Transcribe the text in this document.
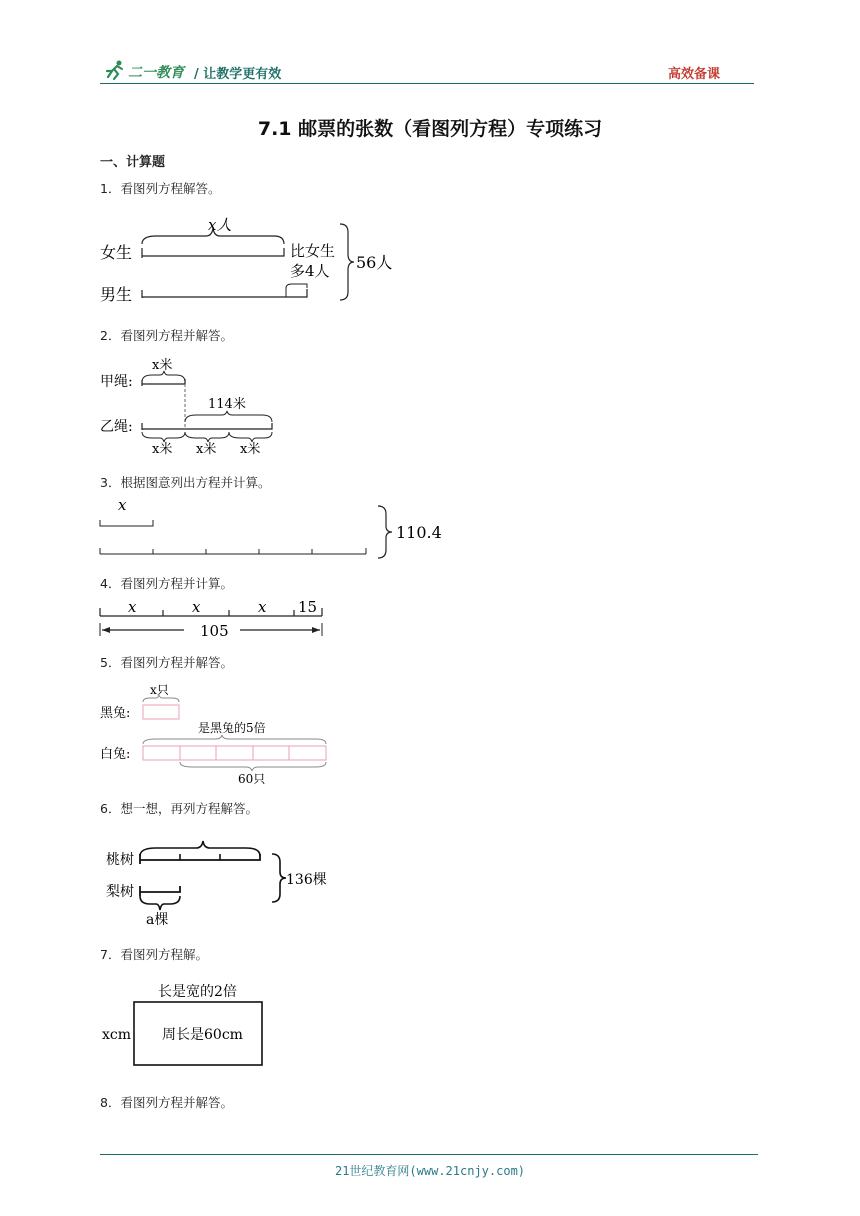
二一教育 / 让教学更有效	高效备课
7.1 邮票的张数（看图列方程）专项练习
一、计算题
1．看图列方程解答。
女生
男生
x人
比女生
多4人 56人
2．看图列方程并解答。
甲绳:
乙绳:
x米
114米
x米 x米 x米
3．根据图意列出方程并计算。
x
110.4
4．看图列方程并计算。
x	x	x 15
105
5．看图列方程并解答。
黑兔:
白兔:
x只
是黑兔的5倍
60只
6．想一想，再列方程解答。
桃树
梨树
a棵
136棵
7．看图列方程解。
长是宽的2倍
xcm 周长是60cm
8．看图列方程并解答。
21世纪教育网(www.21cnjy.com)
